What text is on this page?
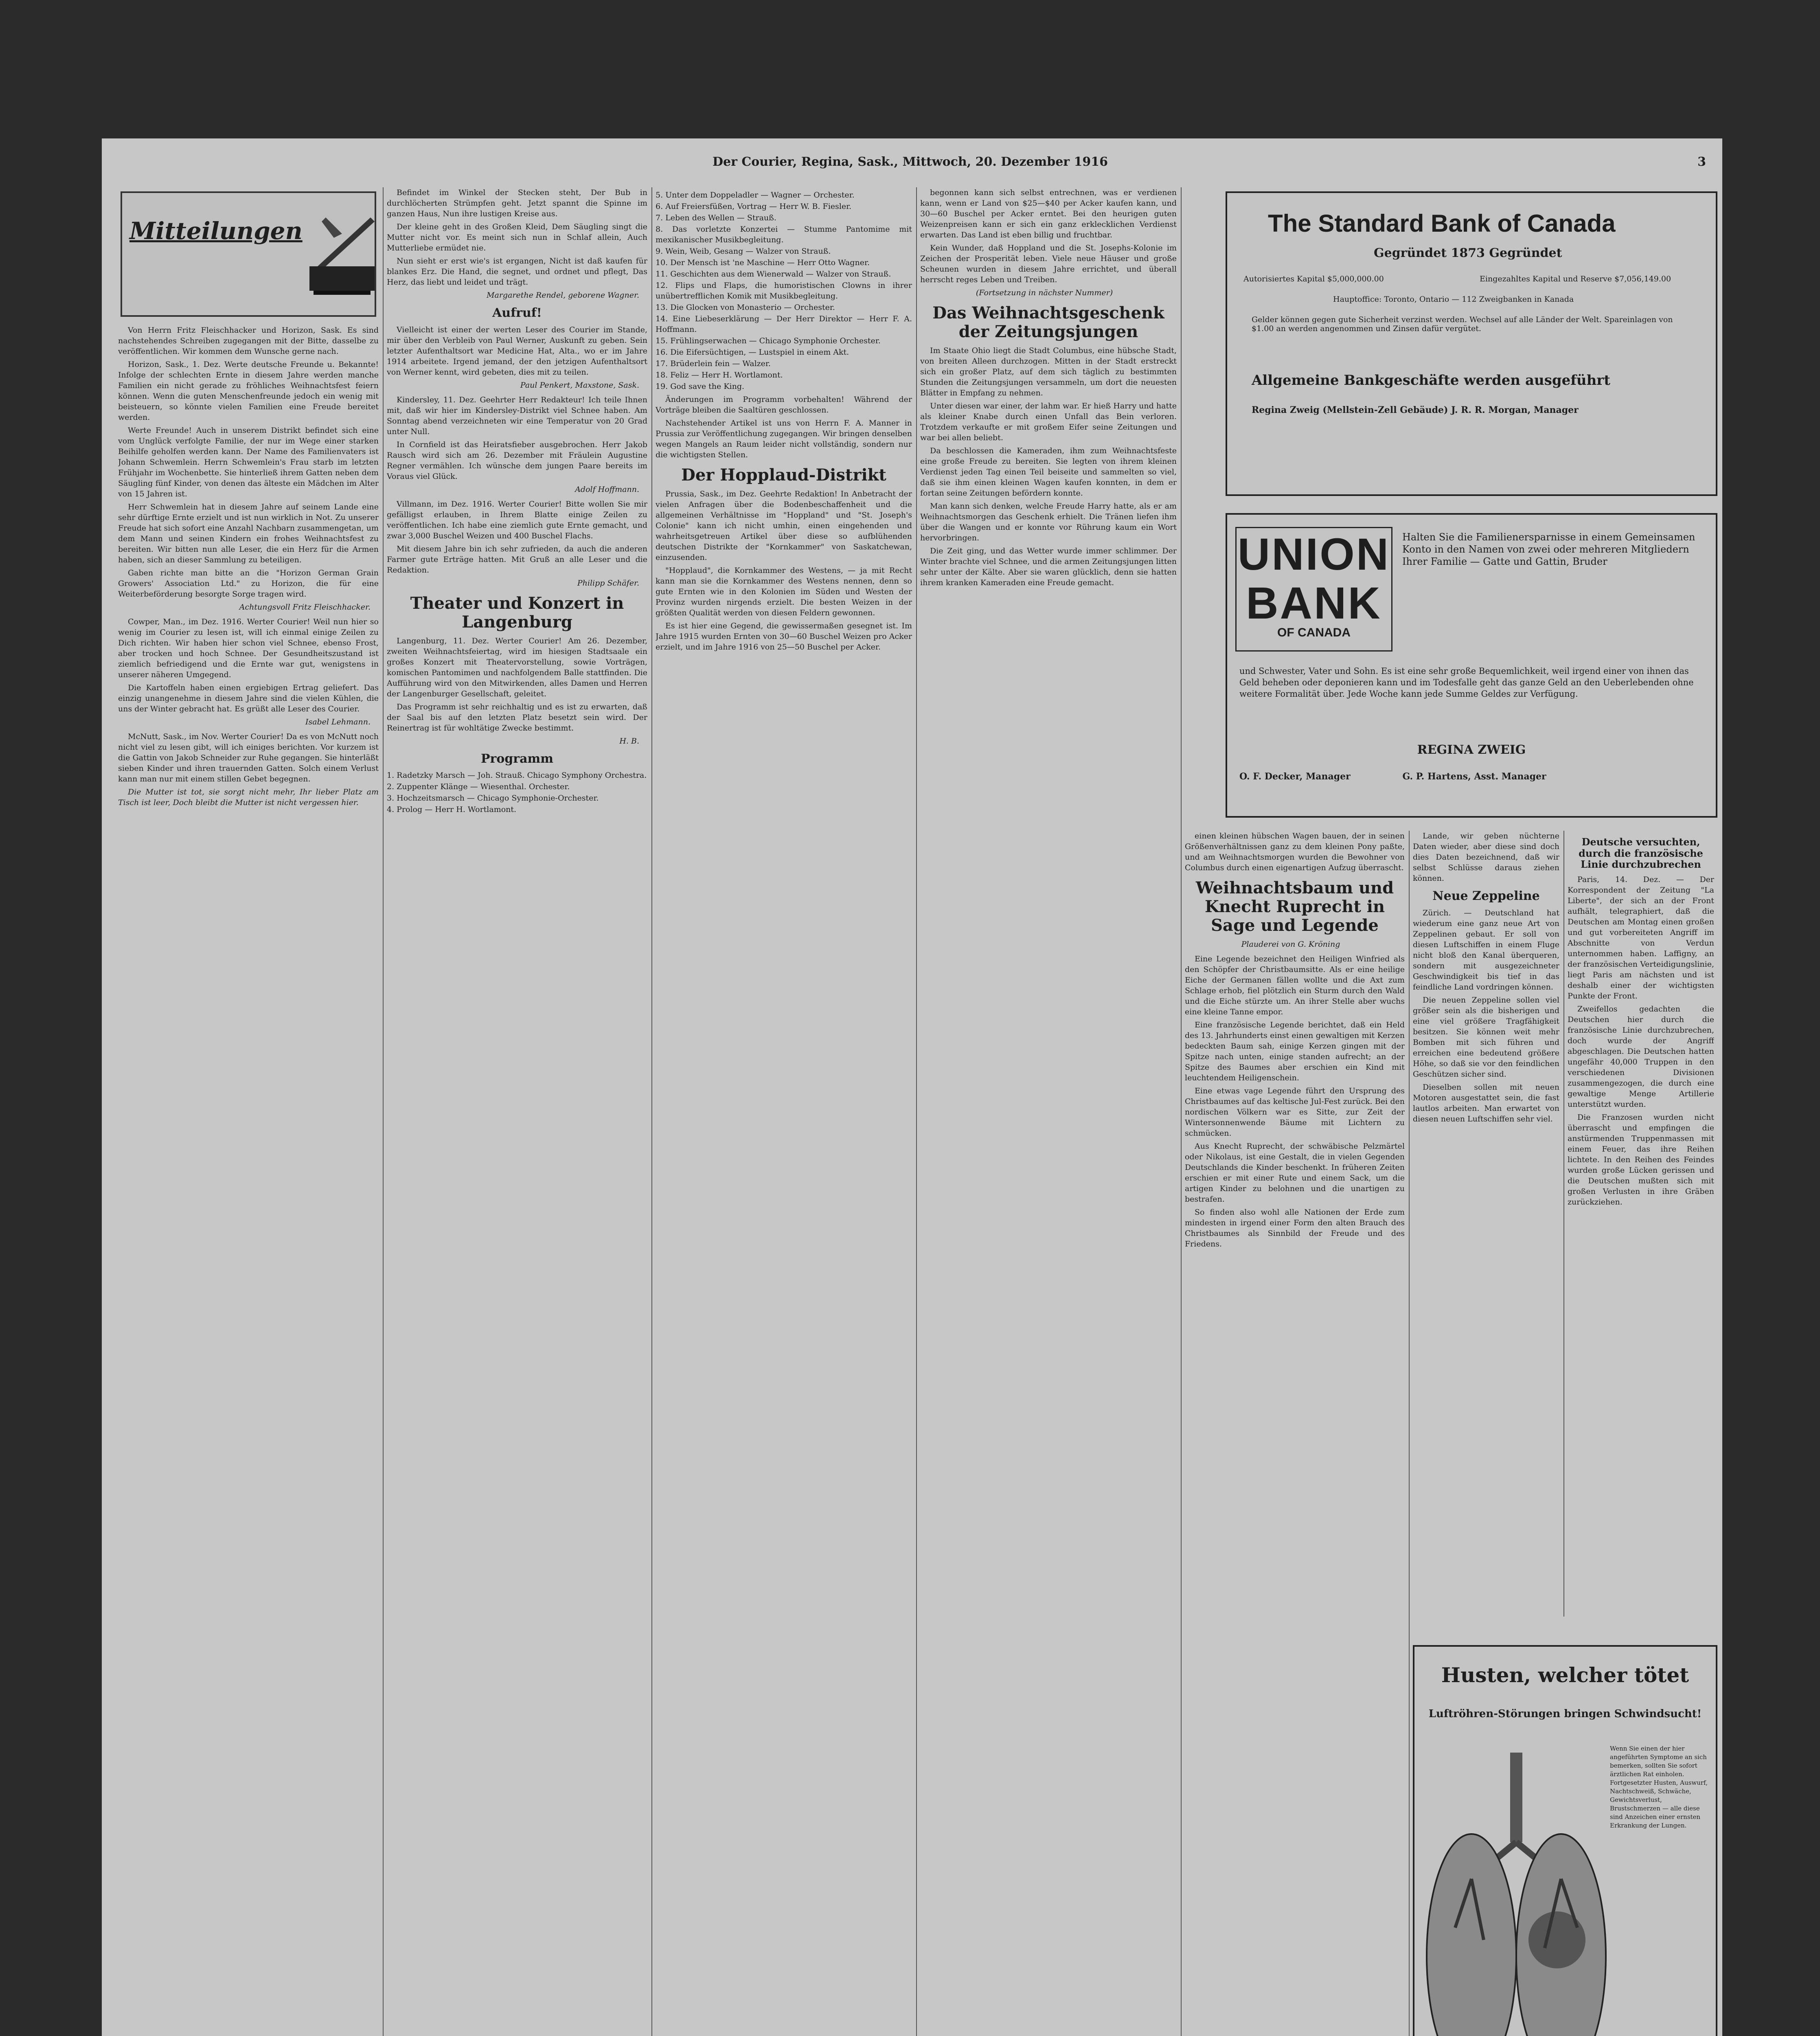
Der Courier, Regina, Sask., Mittwoch, 20. Dezember 1916	3
Mitteilungen

Von Herrn Fritz Fleischhacker und Horizon, Sask. Es sind nachstehendes Schreiben zugegangen mit der Bitte, dasselbe zu veröffentlichen. Wir kommen dem Wunsche gerne nach.

Horizon, Sask., 1. Dez. Werte deutsche Freunde u. Bekannte! Infolge der schlechten Ernte in diesem Jahre werden manche Familien ein nicht gerade zu fröhliches Weihnachtsfest feiern können. Wenn die guten Menschenfreunde jedoch ein wenig mit beisteuern, so könnte vielen Familien eine Freude bereitet werden.

Werte Freunde! Auch in unserem Distrikt befindet sich eine vom Unglück verfolgte Familie, der nur im Wege einer starken Beihilfe geholfen werden kann. Der Name des Familienvaters ist Johann Schwemlein. Herrn Schwemlein's Frau starb im letzten Frühjahr im Wochenbette. Sie hinterließ ihrem Gatten neben dem Säugling fünf Kinder, von denen das älteste ein Mädchen im Alter von 15 Jahren ist.

Herr Schwemlein hat in diesem Jahre auf seinem Lande eine sehr dürftige Ernte erzielt und ist nun wirklich in Not. Zu unserer Freude hat sich sofort eine Anzahl Nachbarn zusammengetan, um dem Mann und seinen Kindern ein frohes Weihnachtsfest zu bereiten. Wir bitten nun alle Leser, die ein Herz für die Armen haben, sich an dieser Sammlung zu beteiligen.

Gaben richte man bitte an die "Horizon German Grain Growers' Association Ltd." zu Horizon, die für eine Weiterbeförderung besorgte Sorge tragen wird.

Achtungsvoll Fritz Fleischhacker.

Cowper, Man., im Dez. 1916. Werter Courier! Weil nun hier so wenig im Courier zu lesen ist, will ich einmal einige Zeilen zu Dich richten. Wir haben hier schon viel Schnee, ebenso Frost, aber trocken und hoch Schnee. Der Gesundheitszustand ist ziemlich befriedigend und die Ernte war gut, wenigstens in unserer näheren Umgegend.

Die Kartoffeln haben einen ergiebigen Ertrag geliefert. Das einzig unangenehme in diesem Jahre sind die vielen Kühlen, die uns der Winter gebracht hat. Es grüßt alle Leser des Courier.

Isabel Lehmann.

McNutt, Sask., im Nov. Werter Courier! Da es von McNutt noch nicht viel zu lesen gibt, will ich einiges berichten. Vor kurzem ist die Gattin von Jakob Schneider zur Ruhe gegangen. Sie hinterläßt sieben Kinder und ihren trauernden Gatten. Solch einem Verlust kann man nur mit einem stillen Gebet begegnen.

Die Mutter ist tot, sie sorgt nicht mehr, Ihr lieber Platz am Tisch ist leer, Doch bleibt die Mutter ist nicht vergessen hier.

Befindet im Winkel der Stecken steht, Der Bub in durchlöcherten Strümpfen geht. Jetzt spannt die Spinne im ganzen Haus, Nun ihre lustigen Kreise aus.

Der kleine geht in des Großen Kleid, Dem Säugling singt die Mutter nicht vor. Es meint sich nun in Schlaf allein, Auch Mutterliebe ermüdet nie.

Nun sieht er erst wie's ist ergangen, Nicht ist daß kaufen für blankes Erz. Die Hand, die segnet, und ordnet und pflegt, Das Herz, das liebt und leidet und trägt.

Margarethe Rendel, geborene Wagner.
Aufruf!

Vielleicht ist einer der werten Leser des Courier im Stande, mir über den Verbleib von Paul Werner, Auskunft zu geben. Sein letzter Aufenthaltsort war Medicine Hat, Alta., wo er im Jahre 1914 arbeitete. Irgend jemand, der den jetzigen Aufenthaltsort von Werner kennt, wird gebeten, dies mit zu teilen.

Paul Penkert, Maxstone, Sask.

Kindersley, 11. Dez. Geehrter Herr Redakteur! Ich teile Ihnen mit, daß wir hier im Kindersley-Distrikt viel Schnee haben. Am Sonntag abend verzeichneten wir eine Temperatur von 20 Grad unter Null.

In Cornfield ist das Heiratsfieber ausgebrochen. Herr Jakob Rausch wird sich am 26. Dezember mit Fräulein Augustine Regner vermählen. Ich wünsche dem jungen Paare bereits im Voraus viel Glück.

Adolf Hoffmann.

Villmann, im Dez. 1916. Werter Courier! Bitte wollen Sie mir gefälligst erlauben, in Ihrem Blatte einige Zeilen zu veröffentlichen. Ich habe eine ziemlich gute Ernte gemacht, und zwar 3,000 Buschel Weizen und 400 Buschel Flachs.

Mit diesem Jahre bin ich sehr zufrieden, da auch die anderen Farmer gute Erträge hatten. Mit Gruß an alle Leser und die Redaktion.

Philipp Schäfer.
Theater und Konzert in Langenburg

Langenburg, 11. Dez. Werter Courier! Am 26. Dezember, zweiten Weihnachtsfeiertag, wird im hiesigen Stadtsaale ein großes Konzert mit Theatervorstellung, sowie Vorträgen, komischen Pantomimen und nachfolgendem Balle stattfinden. Die Aufführung wird von den Mitwirkenden, alles Damen und Herren der Langenburger Gesellschaft, geleitet.

Das Programm ist sehr reichhaltig und es ist zu erwarten, daß der Saal bis auf den letzten Platz besetzt sein wird. Der Reinertrag ist für wohltätige Zwecke bestimmt.

H. B.
Programm
1. Radetzky Marsch — Joh. Strauß. Chicago Symphony Orchestra.
2. Zuppenter Klänge — Wiesenthal. Orchester.
3. Hochzeitsmarsch — Chicago Symphonie-Orchester.
4. Prolog — Herr H. Wortlamont.
5. Unter dem Doppeladler — Wagner — Orchester.
6. Auf Freiersfüßen, Vortrag — Herr W. B. Fiesler.
7. Leben des Wellen — Strauß.
8. Das vorletzte Konzertei — Stumme Pantomime mit mexikanischer Musikbegleitung.
9. Wein, Weib, Gesang — Walzer von Strauß.
10. Der Mensch ist 'ne Maschine — Herr Otto Wagner.
11. Geschichten aus dem Wienerwald — Walzer von Strauß.
12. Flips und Flaps, die humoristischen Clowns in ihrer unübertrefflichen Komik mit Musikbegleitung.
13. Die Glocken von Monasterio — Orchester.
14. Eine Liebeserklärung — Der Herr Direktor — Herr F. A. Hoffmann.
15. Frühlingserwachen — Chicago Symphonie Orchester.
16. Die Eifersüchtigen, — Lustspiel in einem Akt.
17. Brüderlein fein — Walzer.
18. Feliz — Herr H. Wortlamont.
19. God save the King.

Änderungen im Programm vorbehalten! Während der Vorträge bleiben die Saaltüren geschlossen.

Nachstehender Artikel ist uns von Herrn F. A. Manner in Prussia zur Veröffentlichung zugegangen. Wir bringen denselben wegen Mangels an Raum leider nicht vollständig, sondern nur die wichtigsten Stellen.

Der Hopplaud-Distrikt

Prussia, Sask., im Dez. Geehrte Redaktion! In Anbetracht der vielen Anfragen über die Bodenbeschaffenheit und die allgemeinen Verhältnisse im "Hoppland" und "St. Joseph's Colonie" kann ich nicht umhin, einen eingehenden und wahrheitsgetreuen Artikel über diese so aufblühenden deutschen Distrikte der "Kornkammer" von Saskatchewan, einzusenden.

"Hopplaud", die Kornkammer des Westens, — ja mit Recht kann man sie die Kornkammer des Westens nennen, denn so gute Ernten wie in den Kolonien im Süden und Westen der Provinz wurden nirgends erzielt. Die besten Weizen in der größten Qualität werden von diesen Feldern gewonnen.

Es ist hier eine Gegend, die gewissermaßen gesegnet ist. Im Jahre 1915 wurden Ernten von 30—60 Buschel Weizen pro Acker erzielt, und im Jahre 1916 von 25—50 Buschel per Acker.

begonnen kann sich selbst entrechnen, was er verdienen kann, wenn er Land von $25—$40 per Acker kaufen kann, und 30—60 Buschel per Acker erntet. Bei den heurigen guten Weizenpreisen kann er sich ein ganz erklecklichen Verdienst erwarten. Das Land ist eben billig und fruchtbar.

Kein Wunder, daß Hoppland und die St. Josephs-Kolonie im Zeichen der Prosperität leben. Viele neue Häuser und große Scheunen wurden in diesem Jahre errichtet, und überall herrscht reges Leben und Treiben.

(Fortsetzung in nächster Nummer)
Das Weihnachtsgeschenk der Zeitungsjungen

Im Staate Ohio liegt die Stadt Columbus, eine hübsche Stadt, von breiten Alleen durchzogen. Mitten in der Stadt erstreckt sich ein großer Platz, auf dem sich täglich zu bestimmten Stunden die Zeitungsjungen versammeln, um dort die neuesten Blätter in Empfang zu nehmen.

Unter diesen war einer, der lahm war. Er hieß Harry und hatte als kleiner Knabe durch einen Unfall das Bein verloren. Trotzdem verkaufte er mit großem Eifer seine Zeitungen und war bei allen beliebt.

Da beschlossen die Kameraden, ihm zum Weihnachtsfeste eine große Freude zu bereiten. Sie legten von ihrem kleinen Verdienst jeden Tag einen Teil beiseite und sammelten so viel, daß sie ihm einen kleinen Wagen kaufen konnten, in dem er fortan seine Zeitungen befördern konnte.

Man kann sich denken, welche Freude Harry hatte, als er am Weihnachtsmorgen das Geschenk erhielt. Die Tränen liefen ihm über die Wangen und er konnte vor Rührung kaum ein Wort hervorbringen.

Die Zeit ging, und das Wetter wurde immer schlimmer. Der Winter brachte viel Schnee, und die armen Zeitungsjungen litten sehr unter der Kälte. Aber sie waren glücklich, denn sie hatten ihrem kranken Kameraden eine Freude gemacht.

The Standard Bank of Canada
Gegründet 1873 Gegründet
Autorisiertes Kapital $5,000,000.00	Eingezahltes Kapital und Reserve $7,056,149.00
Hauptoffice: Toronto, Ontario — 112 Zweigbanken in Kanada
Gelder können gegen gute Sicherheit verzinst werden. Wechsel auf alle Länder der Welt. Spareinlagen von $1.00 an werden angenommen und Zinsen dafür vergütet.
Allgemeine Bankgeschäfte werden ausgeführt
Regina Zweig (Mellstein-Zell Gebäude) J. R. R. Morgan, Manager
UNION
BANK
OF CANADA
Halten Sie die Familienersparnisse in einem Gemeinsamen Konto in den Namen von zwei oder mehreren Mitgliedern Ihrer Familie — Gatte und Gattin, Bruder
und Schwester, Vater und Sohn. Es ist eine sehr große Bequemlichkeit, weil irgend einer von ihnen das Geld beheben oder deponieren kann und im Todesfalle geht das ganze Geld an den Ueberlebenden ohne weitere Formalität über. Jede Woche kann jede Summe Geldes zur Verfügung.
REGINA ZWEIG
O. F. Decker, Manager	G. P. Hartens, Asst. Manager

einen kleinen hübschen Wagen bauen, der in seinen Größenverhältnissen ganz zu dem kleinen Pony paßte, und am Weihnachtsmorgen wurden die Bewohner von Columbus durch einen eigenartigen Aufzug überrascht.

Weihnachtsbaum und Knecht Ruprecht in Sage und Legende
Plauderei von G. Kröning

Eine Legende bezeichnet den Heiligen Winfried als den Schöpfer der Christbaumsitte. Als er eine heilige Eiche der Germanen fällen wollte und die Axt zum Schlage erhob, fiel plötzlich ein Sturm durch den Wald und die Eiche stürzte um. An ihrer Stelle aber wuchs eine kleine Tanne empor.

Eine französische Legende berichtet, daß ein Held des 13. Jahrhunderts einst einen gewaltigen mit Kerzen bedeckten Baum sah, einige Kerzen gingen mit der Spitze nach unten, einige standen aufrecht; an der Spitze des Baumes aber erschien ein Kind mit leuchtendem Heiligenschein.

Eine etwas vage Legende führt den Ursprung des Christbaumes auf das keltische Jul-Fest zurück. Bei den nordischen Völkern war es Sitte, zur Zeit der Wintersonnenwende Bäume mit Lichtern zu schmücken.

Aus Knecht Ruprecht, der schwäbische Pelzmärtel oder Nikolaus, ist eine Gestalt, die in vielen Gegenden Deutschlands die Kinder beschenkt. In früheren Zeiten erschien er mit einer Rute und einem Sack, um die artigen Kinder zu belohnen und die unartigen zu bestrafen.

So finden also wohl alle Nationen der Erde zum mindesten in irgend einer Form den alten Brauch des Christbaumes als Sinnbild der Freude und des Friedens.

Lande, wir geben nüchterne Daten wieder, aber diese sind doch dies Daten bezeichnend, daß wir selbst Schlüsse daraus ziehen können.

Neue Zeppeline

Zürich. — Deutschland hat wiederum eine ganz neue Art von Zeppelinen gebaut. Er soll von diesen Luftschiffen in einem Fluge nicht bloß den Kanal überqueren, sondern mit ausgezeichneter Geschwindigkeit bis tief in das feindliche Land vordringen können.

Die neuen Zeppeline sollen viel größer sein als die bisherigen und eine viel größere Tragfähigkeit besitzen. Sie können weit mehr Bomben mit sich führen und erreichen eine bedeutend größere Höhe, so daß sie vor den feindlichen Geschützen sicher sind.

Dieselben sollen mit neuen Motoren ausgestattet sein, die fast lautlos arbeiten. Man erwartet von diesen neuen Luftschiffen sehr viel.

Deutsche versuchten, durch die französische Linie durchzubrechen

Paris, 14. Dez. — Der Korrespondent der Zeitung "La Liberte", der sich an der Front aufhält, telegraphiert, daß die Deutschen am Montag einen großen und gut vorbereiteten Angriff im Abschnitte von Verdun unternommen haben. Laffigny, an der französischen Verteidigungslinie, liegt Paris am nächsten und ist deshalb einer der wichtigsten Punkte der Front.

Zweifellos gedachten die Deutschen hier durch die französische Linie durchzubrechen, doch wurde der Angriff abgeschlagen. Die Deutschen hatten ungefähr 40,000 Truppen in den verschiedenen Divisionen zusammengezogen, die durch eine gewaltige Menge Artillerie unterstützt wurden.

Die Franzosen wurden nicht überrascht und empfingen die anstürmenden Truppenmassen mit einem Feuer, das ihre Reihen lichtete. In den Reihen des Feindes wurden große Lücken gerissen und die Deutschen mußten sich mit großen Verlusten in ihre Gräben zurückziehen.

Husten, welcher tötet
Luftröhren-Störungen bringen Schwindsucht!
Wenn Sie einen der hier angeführten Symptome an sich bemerken, sollten Sie sofort ärztlichen Rat einholen. Fortgesetzter Husten, Auswurf, Nachtschweiß, Schwäche, Gewichtsverlust, Brustschmerzen — alle diese sind Anzeichen einer ernsten Erkrankung der Lungen.
